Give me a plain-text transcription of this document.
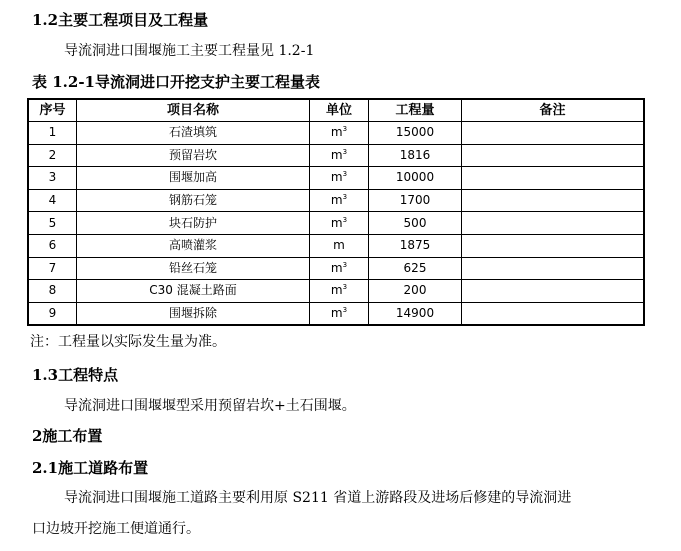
1.2主要工程项目及工程量
导流洞进口围堰施工主要工程量见 1.2-1
表 1.2-1导流洞进口开挖支护主要工程量表
序号	项目名称	单位	工程量	备注
1	石渣填筑	$m^3$	15000	
2	预留岩坎	$m^3$	1816	
3	围堰加高	$m^3$	10000	
4	钢筋石笼	$m^3$	1700	
5	块石防护	$m^3$	500	
6	高喷灌浆	m	1875	
7	铅丝石笼	$m^3$	625	
8	C30 混凝土路面	$m^3$	200	
9	围堰拆除	$m^3$	14900	
注：工程量以实际发生量为准。
1.3工程特点
导流洞进口围堰堰型采用预留岩坎+土石围堰。
2施工布置
2.1施工道路布置
导流洞进口围堰施工道路主要利用原 S211 省道上游路段及进场后修建的导流洞进
口边坡开挖施工便道通行。
